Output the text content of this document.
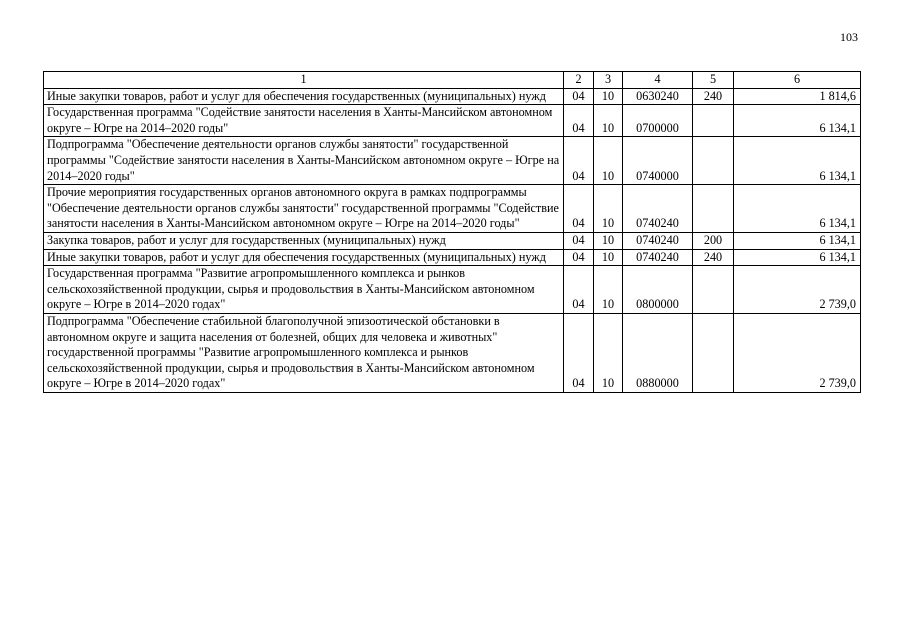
103
1	2	3	4	5	6
Иные закупки товаров, работ и услуг для обеспечения государственных (муниципальных) нужд	04	10	0630240	240	1 814,6
Государственная программа "Содействие занятости населения в Ханты-Мансийском автономном округе – Югре на 2014–2020 годы"	04	10	0700000		6 134,1
Подпрограмма "Обеспечение деятельности органов службы занятости" государственной программы "Содействие занятости населения в Ханты-Мансийском автономном округе – Югре на 2014–2020 годы"	04	10	0740000		6 134,1
Прочие мероприятия государственных органов автономного округа в рамках подпрограммы "Обеспечение деятельности органов службы занятости" государственной программы "Содействие занятости населения в Ханты-Мансийском автономном округе – Югре на 2014–2020 годы"	04	10	0740240		6 134,1
Закупка товаров, работ и услуг для государственных (муниципальных) нужд	04	10	0740240	200	6 134,1
Иные закупки товаров, работ и услуг для обеспечения государственных (муниципальных) нужд	04	10	0740240	240	6 134,1
Государственная программа "Развитие агропромышленного комплекса и рынков сельскохозяйственной продукции, сырья и продовольствия в Ханты-Мансийском автономном округе – Югре в 2014–2020 годах"	04	10	0800000		2 739,0
Подпрограмма "Обеспечение стабильной благополучной эпизоотической обстановки в автономном округе и защита населения от болезней, общих для человека и животных" государственной программы "Развитие агропромышленного комплекса и рынков сельскохозяйственной продукции, сырья и продовольствия в Ханты-Мансийском автономном округе – Югре в 2014–2020 годах"	04	10	0880000		2 739,0
